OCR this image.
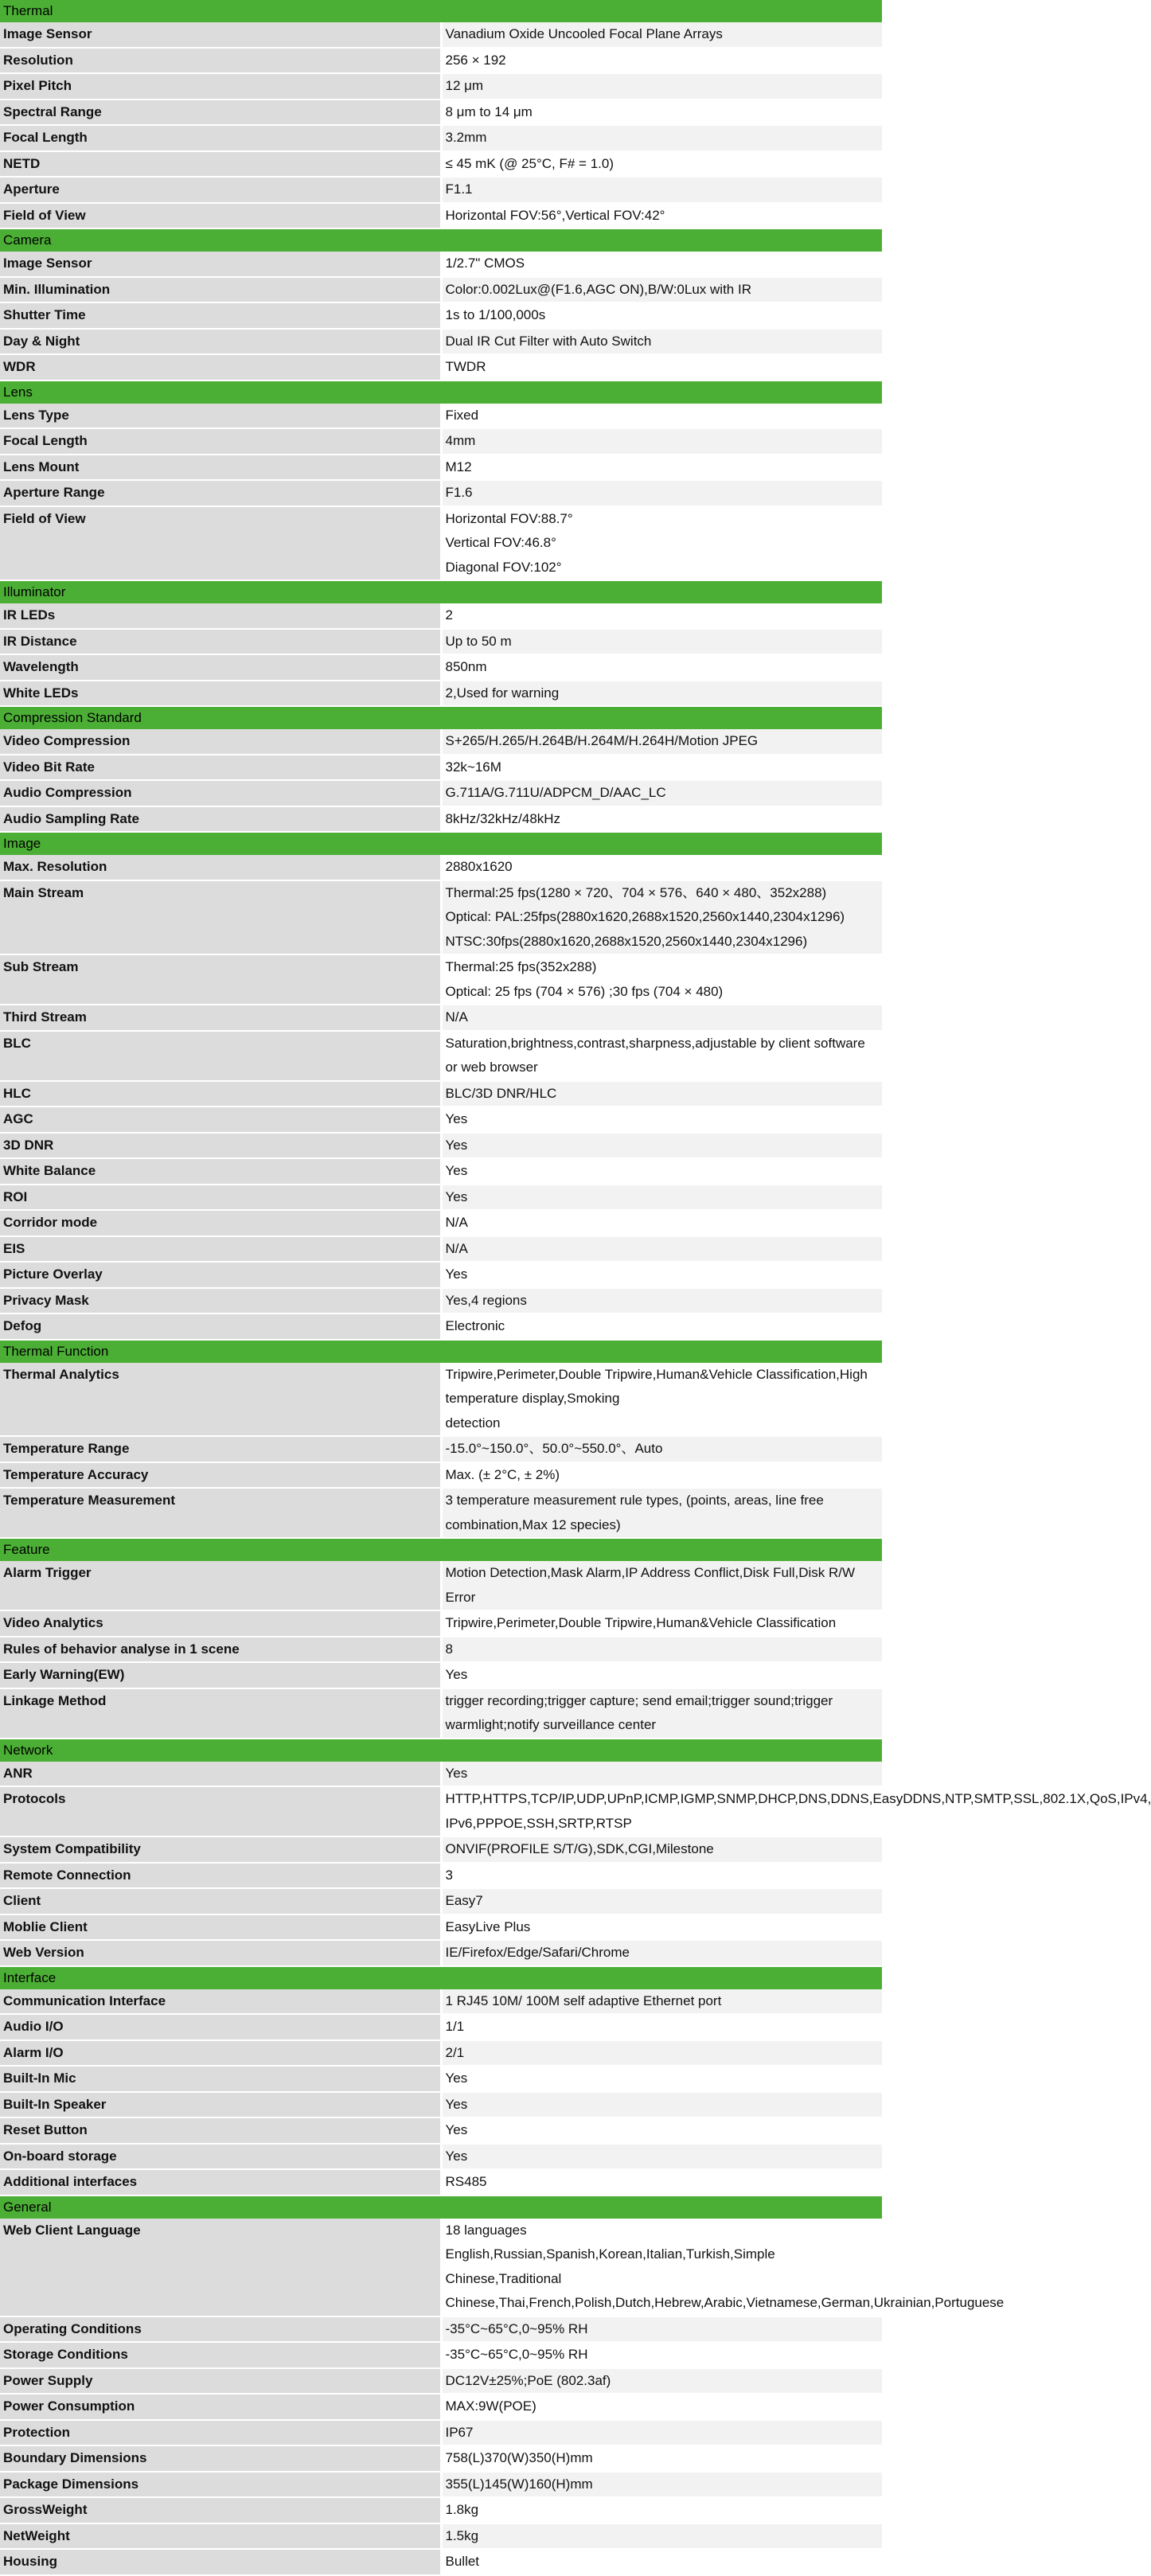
Thermal	
Image Sensor	Vanadium Oxide Uncooled Focal Plane Arrays

Resolution	256 × 192

Pixel Pitch	12 μm

Spectral Range	8 μm to 14 μm

Focal Length	3.2mm

NETD	≤ 45 mK (@ 25°C, F# = 1.0)

Aperture	F1.1

Field of View	Horizontal FOV:56°,Vertical FOV:42°

Camera	
Image Sensor	1/2.7" CMOS

Min. Illumination	Color:0.002Lux@(F1.6,AGC ON),B/W:0Lux with IR

Shutter Time	1s to 1/100,000s

Day & Night	Dual IR Cut Filter with Auto Switch

WDR	TWDR

Lens	
Lens Type	Fixed

Focal Length	4mm

Lens Mount	M12

Aperture Range	F1.6

Field of View	Horizontal FOV:88.7°
Vertical FOV:46.8°
Diagonal FOV:102°

Illuminator	
IR LEDs	2

IR Distance	Up to 50 m

Wavelength	850nm

White LEDs	2,Used for warning

Compression Standard	
Video Compression	S+265/H.265/H.264B/H.264M/H.264H/Motion JPEG

Video Bit Rate	32k~16M

Audio Compression	G.711A/G.711U/ADPCM_D/AAC_LC

Audio Sampling Rate	8kHz/32kHz/48kHz

Image	
Max. Resolution	2880x1620

Main Stream	Thermal:25 fps(1280 × 720、704 × 576、640 × 480、352x288)
Optical: PAL:25fps(2880x1620,2688x1520,2560x1440,2304x1296)
NTSC:30fps(2880x1620,2688x1520,2560x1440,2304x1296)

Sub Stream	Thermal:25 fps(352x288)
Optical: 25 fps (704 × 576) ;30 fps (704 × 480)

Third Stream	N/A

BLC	Saturation,brightness,contrast,sharpness,adjustable by client software or web browser

HLC	BLC/3D DNR/HLC

AGC	Yes

3D DNR	Yes

White Balance	Yes

ROI	Yes

Corridor mode	N/A

EIS	N/A

Picture Overlay	Yes

Privacy Mask	Yes,4 regions

Defog	Electronic

Thermal Function	
Thermal Analytics	Tripwire,Perimeter,Double Tripwire,Human&Vehicle Classification,High temperature display,Smoking
detection

Temperature Range	-15.0°~150.0°、50.0°~550.0°、Auto

Temperature Accuracy	Max. (± 2°C, ± 2%)

Temperature Measurement	3 temperature measurement rule types, (points, areas, line free combination,Max 12 species)

Feature	
Alarm Trigger	Motion Detection,Mask Alarm,IP Address Conflict,Disk Full,Disk R/W Error

Video Analytics	Tripwire,Perimeter,Double Tripwire,Human&Vehicle Classification

Rules of behavior analyse in 1 scene	8

Early Warning(EW)	Yes

Linkage Method	trigger recording;trigger capture; send email;trigger sound;trigger warmlight;notify surveillance center

Network	
ANR	Yes

Protocols	HTTP,HTTPS,TCP/IP,UDP,UPnP,ICMP,IGMP,SNMP,DHCP,DNS,DDNS,EasyDDNS,NTP,SMTP,SSL,802.1X,QoS,IPv4,
IPv6,PPPOE,SSH,SRTP,RTSP

System Compatibility	ONVIF(PROFILE S/T/G),SDK,CGI,Milestone

Remote Connection	3

Client	Easy7

Moblie Client	EasyLive Plus

Web Version	IE/Firefox/Edge/Safari/Chrome

Interface	
Communication Interface	1 RJ45 10M/ 100M self adaptive Ethernet port

Audio I/O	1/1

Alarm I/O	2/1

Built-In Mic	Yes

Built-In Speaker	Yes

Reset Button	Yes

On-board storage	Yes

Additional interfaces	RS485

General	
Web Client Language	18 languages
English,Russian,Spanish,Korean,Italian,Turkish,Simple Chinese,Traditional
Chinese,Thai,French,Polish,Dutch,Hebrew,Arabic,Vietnamese,German,Ukrainian,Portuguese

Operating Conditions	-35°C~65°C,0~95% RH

Storage Conditions	-35°C~65°C,0~95% RH

Power Supply	DC12V±25%;PoE (802.3af)

Power Consumption	MAX:9W(POE)

Protection	IP67

Boundary Dimensions	758(L)370(W)350(H)mm

Package Dimensions	355(L)145(W)160(H)mm

GrossWeight	1.8kg

NetWeight	1.5kg

Housing	Bullet
